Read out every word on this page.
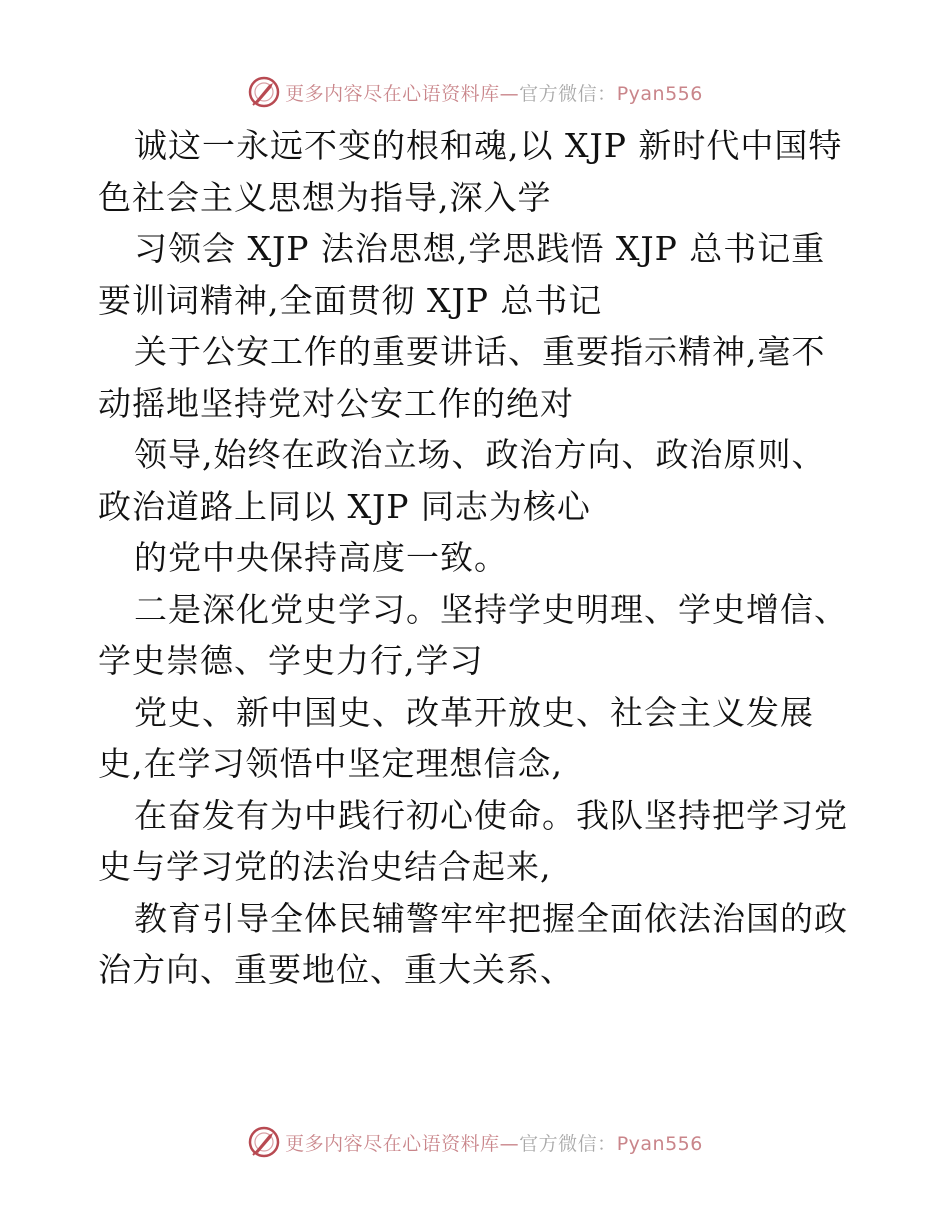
更多内容尽在心语资料库—官方微信：Pyan556
诚这一永远不变的根和魂,以 XJP 新时代中国特
色社会主义思想为指导,深入学
习领会 XJP 法治思想,学思践悟 XJP 总书记重
要训词精神,全面贯彻 XJP 总书记
关于公安工作的重要讲话、重要指示精神,毫不
动摇地坚持党对公安工作的绝对
领导,始终在政治立场、政治方向、政治原则、
政治道路上同以 XJP 同志为核心
的党中央保持高度一致。
二是深化党史学习。坚持学史明理、学史增信、
学史崇德、学史力行,学习
党史、新中国史、改革开放史、社会主义发展
史,在学习领悟中坚定理想信念,
在奋发有为中践行初心使命。我队坚持把学习党
史与学习党的法治史结合起来,
教育引导全体民辅警牢牢把握全面依法治国的政
治方向、重要地位、重大关系、
更多内容尽在心语资料库—官方微信：Pyan556
